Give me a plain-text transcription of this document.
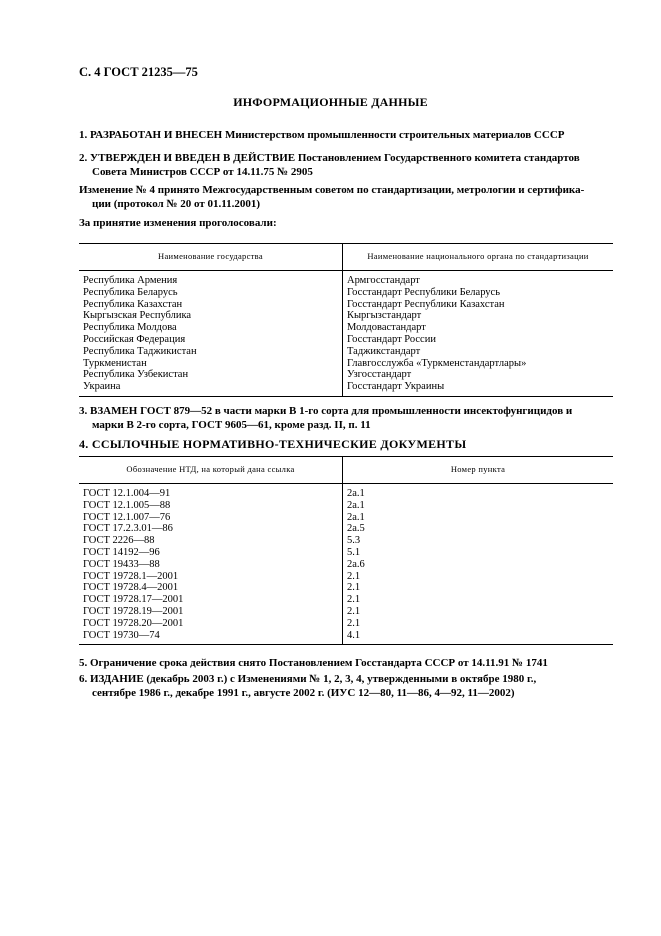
С. 4 ГОСТ 21235—75
ИНФОРМАЦИОННЫЕ ДАННЫЕ
1. РАЗРАБОТАН И ВНЕСЕН Министерством промышленности строительных материалов СССР
2. УТВЕРЖДЕН И ВВЕДЕН В ДЕЙСТВИЕ Постановлением Государственного комитета стандартов
Совета Министров СССР от 14.11.75 № 2905
Изменение № 4 принято Межгосударственным советом по стандартизации, метрологии и сертифика-
ции (протокол № 20 от 01.11.2001)
За принятие изменения проголосовали:
Наименование государства	Наименование национального органа по стандартизации
Республика Армения	Армгосстандарт
Республика Беларусь	Госстандарт Республики Беларусь
Республика Казахстан	Госстандарт Республики Казахстан
Кыргызская Республика	Кыргызстандарт
Республика Молдова	Молдовастандарт
Российская Федерация	Госстандарт России
Республика Таджикистан	Таджикстандарт
Туркменистан	Главгосслужба «Туркменстандартлары»
Республика Узбекистан	Узгосстандарт
Украина	Госстандарт Украины
3. ВЗАМЕН ГОСТ 879—52 в части марки В 1-го сорта для промышленности инсектофунгицидов и
марки В 2-го сорта, ГОСТ 9605—61, кроме разд. II, п. 11
4. ССЫЛОЧНЫЕ НОРМАТИВНО-ТЕХНИЧЕСКИЕ ДОКУМЕНТЫ
Обозначение НТД, на который дана ссылка	Номер пункта
ГОСТ 12.1.004—91	2а.1
ГОСТ 12.1.005—88	2а.1
ГОСТ 12.1.007—76	2а.1
ГОСТ 17.2.3.01—86	2а.5
ГОСТ 2226—88	5.3
ГОСТ 14192—96	5.1
ГОСТ 19433—88	2а.6
ГОСТ 19728.1—2001	2.1
ГОСТ 19728.4—2001	2.1
ГОСТ 19728.17—2001	2.1
ГОСТ 19728.19—2001	2.1
ГОСТ 19728.20—2001	2.1
ГОСТ 19730—74	4.1
5. Ограничение срока действия снято Постановлением Госстандарта СССР от 14.11.91 № 1741
6. ИЗДАНИЕ (декабрь 2003 г.) с Изменениями № 1, 2, 3, 4, утвержденными в октябре 1980 г.,
сентябре 1986 г., декабре 1991 г., августе 2002 г. (ИУС 12—80, 11—86, 4—92, 11—2002)
